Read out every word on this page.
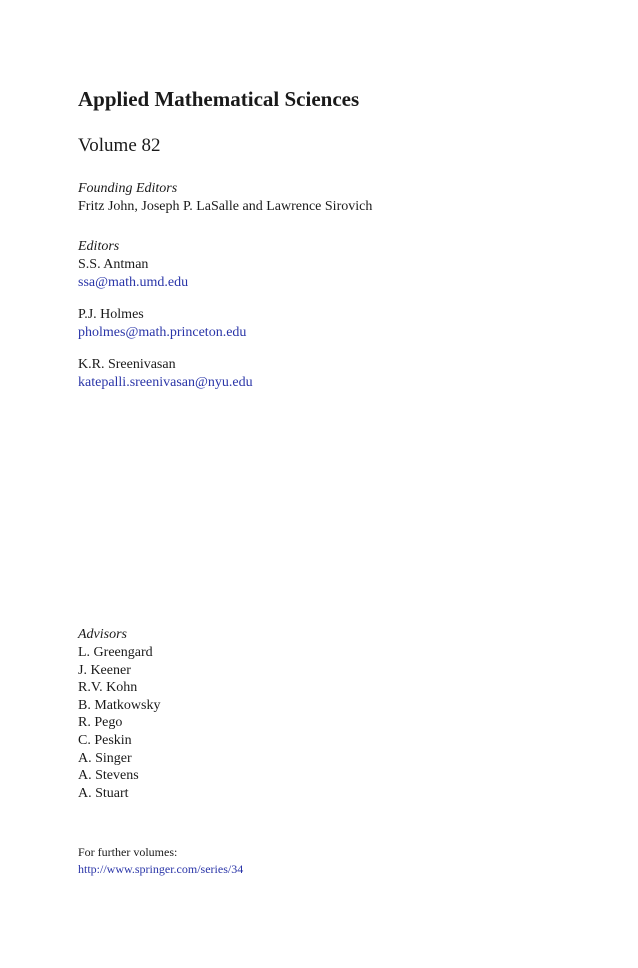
Applied Mathematical Sciences
Volume 82
Founding Editors
Fritz John, Joseph P. LaSalle and Lawrence Sirovich
Editors
S.S. Antman
ssa@math.umd.edu
P.J. Holmes
pholmes@math.princeton.edu
K.R. Sreenivasan
katepalli.sreenivasan@nyu.edu
Advisors
L. Greengard
J. Keener
R.V. Kohn
B. Matkowsky
R. Pego
C. Peskin
A. Singer
A. Stevens
A. Stuart
For further volumes:
http://www.springer.com/series/34
